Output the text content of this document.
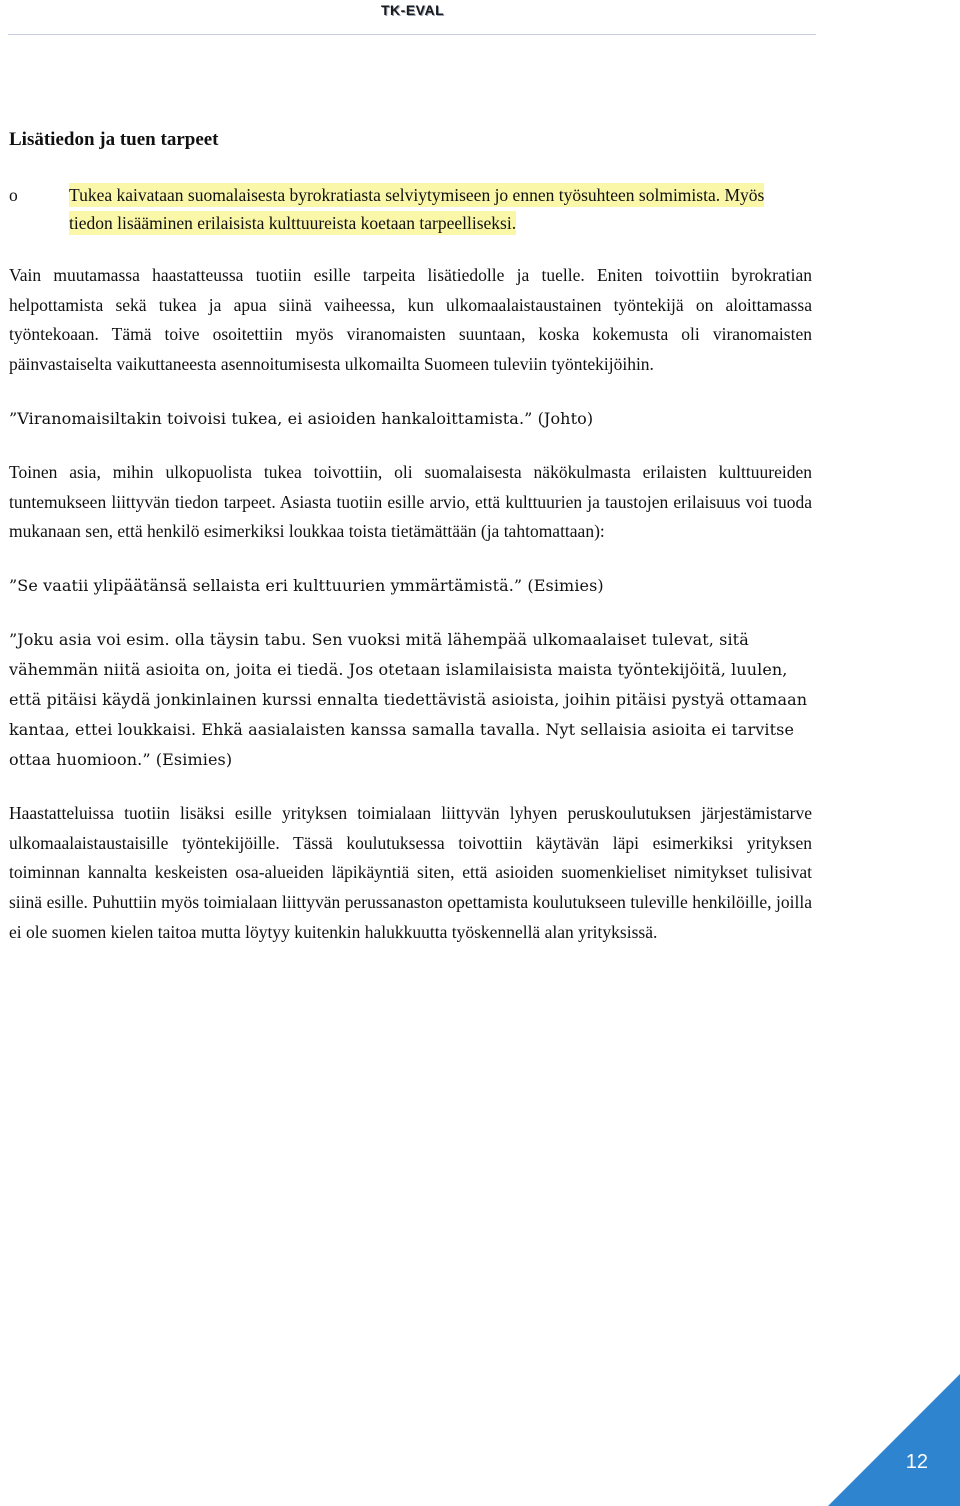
TK-EVAL
Lisätiedon ja tuen tarpeet
o	Tukea kaivataan suomalaisesta byrokratiasta selviytymiseen jo ennen työsuhteen solmimista. Myös tiedon lisääminen erilaisista kulttuureista koetaan tarpeelliseksi.

Vain muutamassa haastatteussa tuotiin esille tarpeita lisätiedolle ja tuelle. Eniten toivottiin byrokratian helpottamista sekä tukea ja apua siinä vaiheessa, kun ulkomaalaistaustainen työntekijä on aloittamassa työntekoaan. Tämä toive osoitettiin myös viranomaisten suuntaan, koska kokemusta oli viranomaisten päinvastaiselta vaikuttaneesta asennoitumisesta ulkomailta Suomeen tuleviin työntekijöihin.

”Viranomaisiltakin toivoisi tukea, ei asioiden hankaloittamista.” (Johto)

Toinen asia, mihin ulkopuolista tukea toivottiin, oli suomalaisesta näkökulmasta erilaisten kulttuureiden tuntemukseen liittyvän tiedon tarpeet. Asiasta tuotiin esille arvio, että kulttuurien ja taustojen erilaisuus voi tuoda mukanaan sen, että henkilö esimerkiksi loukkaa toista tietämättään (ja tahtomattaan):

”Se vaatii ylipäätänsä sellaista eri kulttuurien ymmärtämistä.” (Esimies)

”Joku asia voi esim. olla täysin tabu. Sen vuoksi mitä lähempää ulkomaalaiset tulevat, sitä vähemmän niitä asioita on, joita ei tiedä. Jos otetaan islamilaisista maista työntekijöitä, luulen, että pitäisi käydä jonkinlainen kurssi ennalta tiedettävistä asioista, joihin pitäisi pystyä ottamaan kantaa, ettei loukkaisi. Ehkä aasialaisten kanssa samalla tavalla. Nyt sellaisia asioita ei tarvitse ottaa huomioon.” (Esimies)

Haastatteluissa tuotiin lisäksi esille yrityksen toimialaan liittyvän lyhyen peruskoulutuksen järjestämistarve ulkomaalaistaustaisille työntekijöille. Tässä koulutuksessa toivottiin käytävän läpi esimerkiksi yrityksen toiminnan kannalta keskeisten osa-alueiden läpikäyntiä siten, että asioiden suomenkieliset nimitykset tulisivat siinä esille. Puhuttiin myös toimialaan liittyvän perussanaston opettamista koulutukseen tuleville henkilöille, joilla ei ole suomen kielen taitoa mutta löytyy kuitenkin halukkuutta työskennellä alan yrityksissä.

12
